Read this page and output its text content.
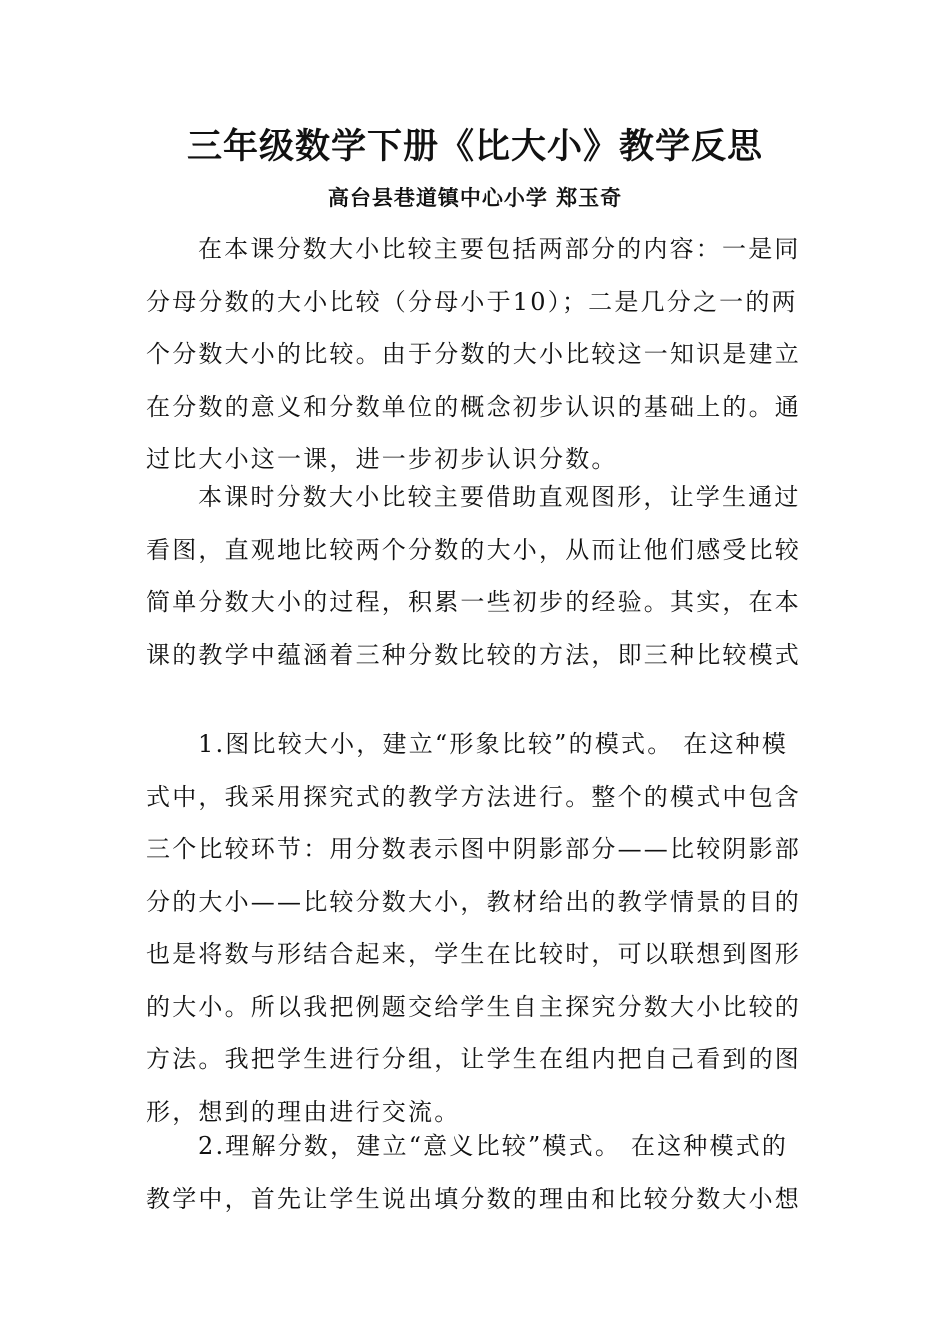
三年级数学下册《比大小》教学反思
高台县巷道镇中心小学 郑玉奇
在本课分数大小比较主要包括两部分的内容：一是同
分母分数的大小比较（分母小于10）；二是几分之一的两
个分数大小的比较。由于分数的大小比较这一知识是建立
在分数的意义和分数单位的概念初步认识的基础上的。通
过比大小这一课，进一步初步认识分数。
本课时分数大小比较主要借助直观图形，让学生通过
看图，直观地比较两个分数的大小，从而让他们感受比较
简单分数大小的过程，积累一些初步的经验。其实，在本
课的教学中蕴涵着三种分数比较的方法，即三种比较模式
1.图比较大小，建立“形象比较”的模式。 在这种模
式中，我采用探究式的教学方法进行。整个的模式中包含
三个比较环节：用分数表示图中阴影部分——比较阴影部
分的大小——比较分数大小，教材给出的教学情景的目的
也是将数与形结合起来，学生在比较时，可以联想到图形
的大小。所以我把例题交给学生自主探究分数大小比较的
方法。我把学生进行分组，让学生在组内把自己看到的图
形，想到的理由进行交流。
2.理解分数，建立“意义比较”模式。 在这种模式的
教学中，首先让学生说出填分数的理由和比较分数大小想
